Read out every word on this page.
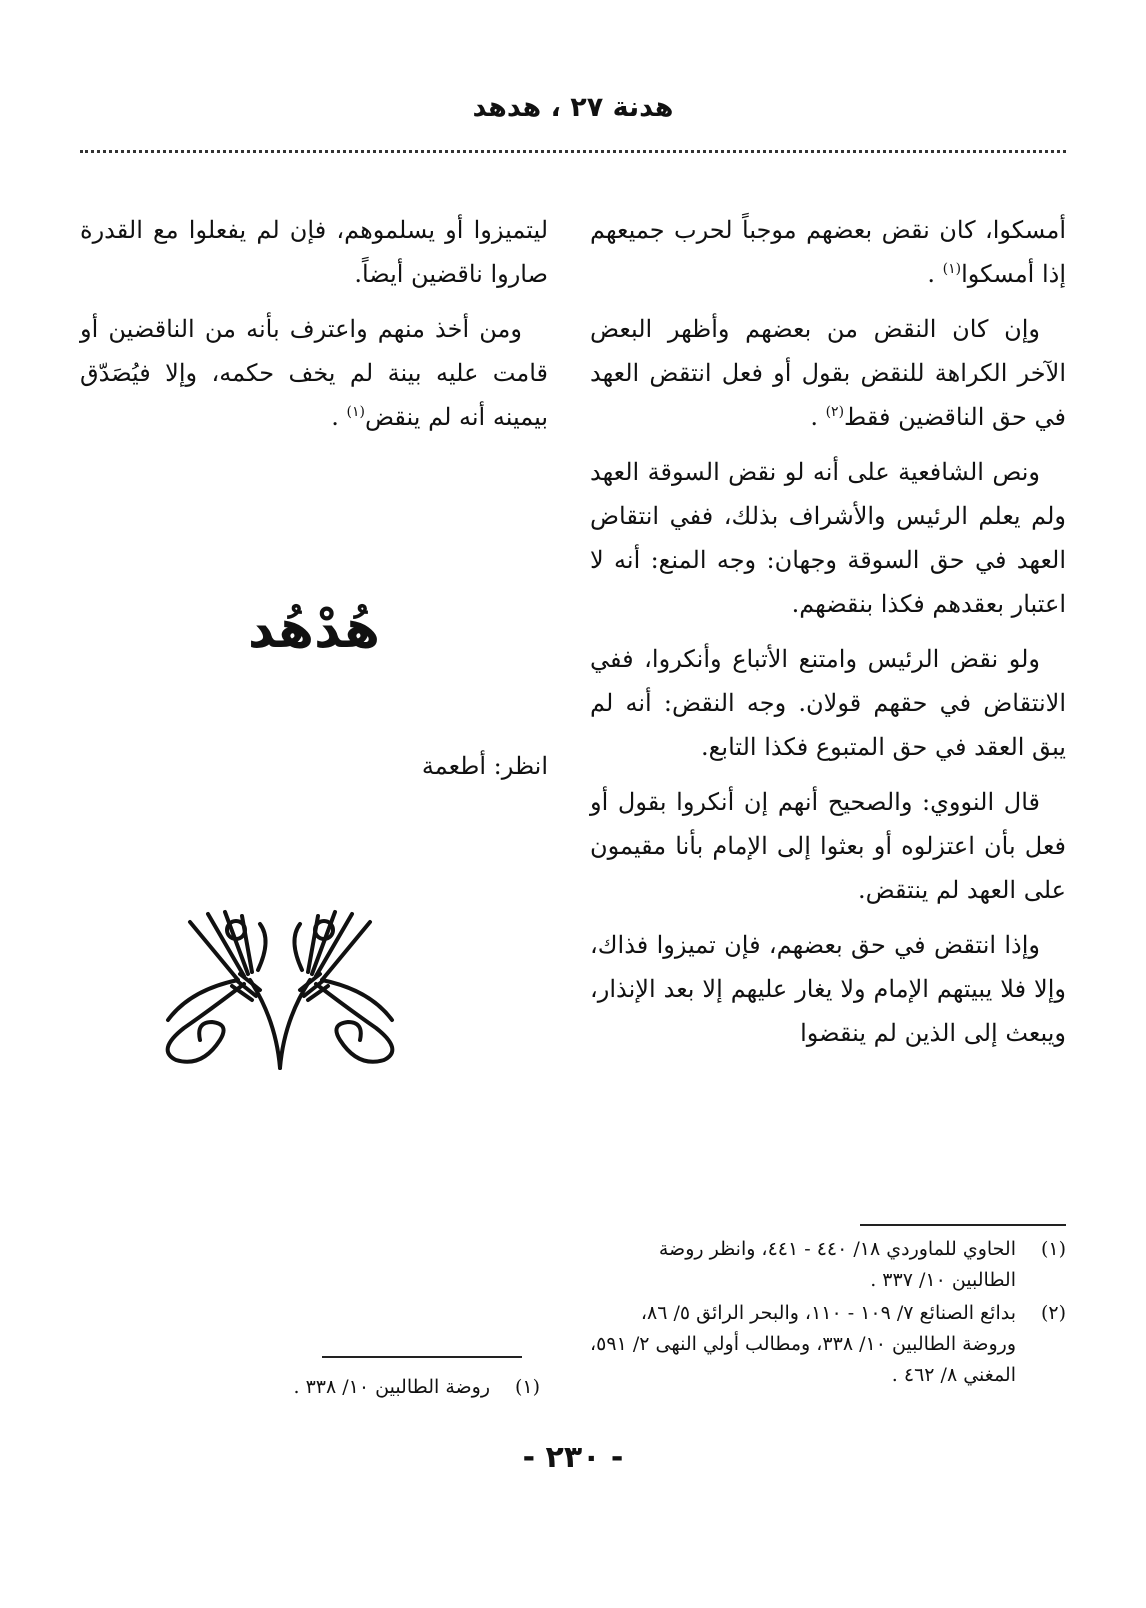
هدنة ٢٧ ، هدهد

أمسكوا، كان نقض بعضهم موجباً لحرب جميعهم إذا أمسكوا$^{(١)}$ .

وإن كان النقض من بعضهم وأظهر البعض الآخر الكراهة للنقض بقول أو فعل انتقض العهد في حق الناقضين فقط$^{(٢)}$ .

ونص الشافعية على أنه لو نقض السوقة العهد ولم يعلم الرئيس والأشراف بذلك، ففي انتقاض العهد في حق السوقة وجهان: وجه المنع: أنه لا اعتبار بعقدهم فكذا بنقضهم.

ولو نقض الرئيس وامتنع الأتباع وأنكروا، ففي الانتقاض في حقهم قولان. وجه النقض: أنه لم يبق العقد في حق المتبوع فكذا التابع.

قال النووي: والصحيح أنهم إن أنكروا بقول أو فعل بأن اعتزلوه أو بعثوا إلى الإمام بأنا مقيمون على العهد لم ينتقض.

وإذا انتقض في حق بعضهم، فإن تميزوا فذاك، وإلا فلا يبيتهم الإمام ولا يغار عليهم إلا بعد الإنذار، ويبعث إلى الذين لم ينقضوا

(١)
الحاوي للماوردي ١٨/ ٤٤٠ - ٤٤١، وانظر روضة الطالبين ١٠/ ٣٣٧ .

(٢)
بدائع الصنائع ٧/ ١٠٩ - ١١٠، والبحر الرائق ٥/ ٨٦، وروضة الطالبين ١٠/ ٣٣٨، ومطالب أولي النهى ٢/ ٥٩١، المغني ٨/ ٤٦٢ .

ليتميزوا أو يسلموهم، فإن لم يفعلوا مع القدرة صاروا ناقضين أيضاً.

ومن أخذ منهم واعترف بأنه من الناقضين أو قامت عليه بينة لم يخف حكمه، وإلا فيُصَدّق بيمينه أنه لم ينقض$^{(١)}$ .

هُدْهُد
انظر: أطعمة

(١)
روضة الطالبين ١٠/ ٣٣٨ .

- ٢٣٠ -
